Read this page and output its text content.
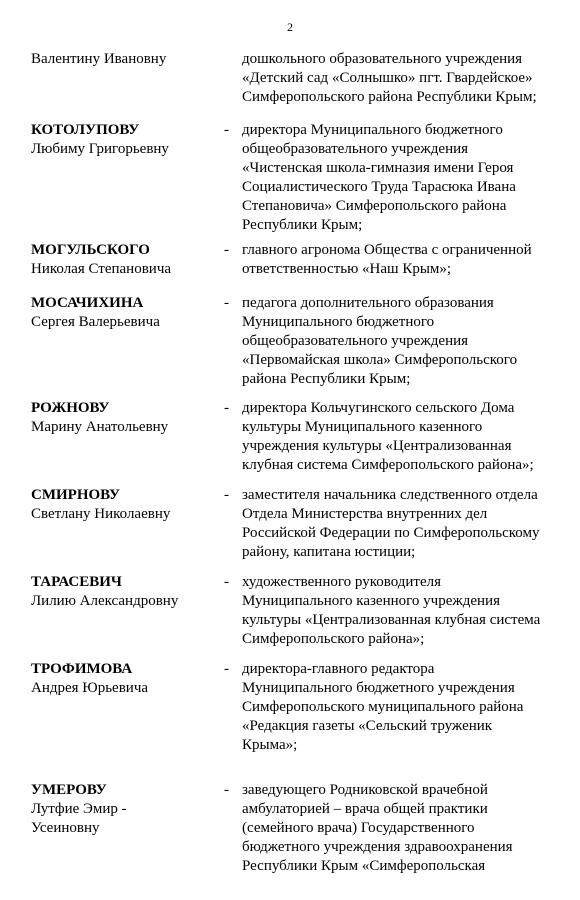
2
Валентину Ивановну	дошкольного образовательного учреждения
«Детский сад «Солнышко» пгт. Гвардейское»
Симферопольского района Республики Крым;
КОТОЛУПОВУ
Любиму Григорьевну
- директора Муниципального бюджетного
общеобразовательного учреждения
«Чистенская школа-гимназия имени Героя
Социалистического Труда Тарасюка Ивана
Степановича» Симферопольского района
Республики Крым;
МОГУЛЬСКОГО
Николая Степановича
- главного агронома Общества с ограниченной
ответственностью «Наш Крым»;
МОСАЧИХИНА
Сергея Валерьевича
- педагога дополнительного образования
Муниципального бюджетного
общеобразовательного учреждения
«Первомайская школа» Симферопольского
района Республики Крым;
РОЖНОВУ
Марину Анатольевну
- директора Кольчугинского сельского Дома
культуры Муниципального казенного
учреждения культуры «Централизованная
клубная система Симферопольского района»;
СМИРНОВУ
Светлану Николаевну
- заместителя начальника следственного отдела
Отдела Министерства внутренних дел
Российской Федерации по Симферопольскому
району, капитана юстиции;
ТАРАСЕВИЧ
Лилию Александровну
- художественного руководителя
Муниципального казенного учреждения
культуры «Централизованная клубная система
Симферопольского района»;
ТРОФИМОВА
Андрея Юрьевича
- директора-главного редактора
Муниципального бюджетного учреждения
Симферопольского муниципального района
«Редакция газеты «Сельский труженик
Крыма»;
УМЕРОВУ
Лутфие Эмир -
Усеиновну
- заведующего Родниковской врачебной
амбулаторией – врача общей практики
(семейного врача) Государственного
бюджетного учреждения здравоохранения
Республики Крым «Симферопольская
